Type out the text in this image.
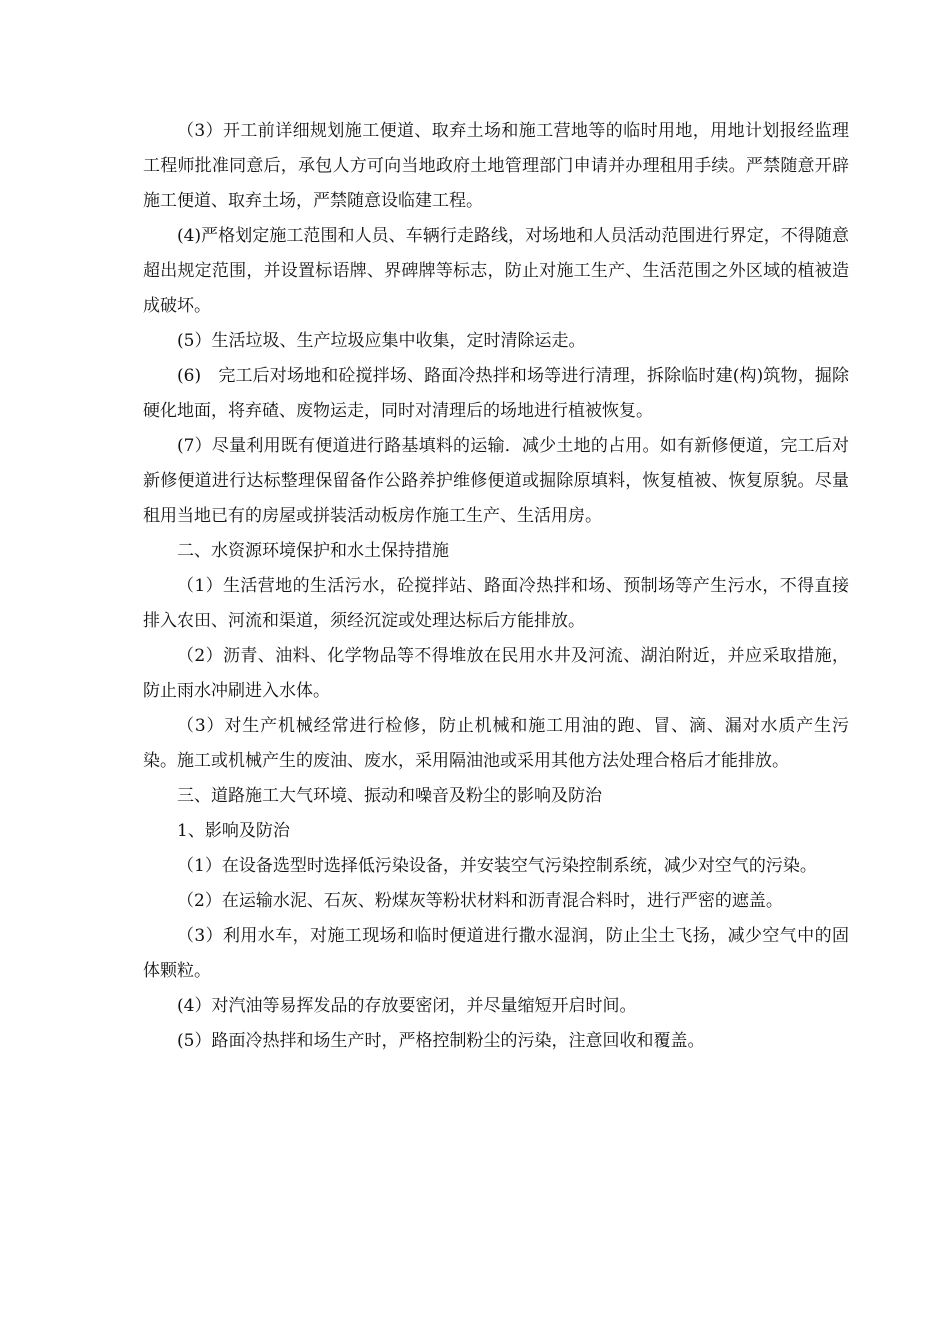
（3）开工前详细规划施工便道、取弃土场和施工营地等的临时用地，用地计划报经监理工程师批准同意后，承包人方可向当地政府土地管理部门申请并办理租用手续。严禁随意开辟施工便道、取弃土场，严禁随意设临建工程。

(4)严格划定施工范围和人员、车辆行走路线，对场地和人员活动范围进行界定，不得随意超出规定范围，并设置标语牌、界碑牌等标志，防止对施工生产、生活范围之外区域的植被造成破坏。

(5）生活垃圾、生产垃圾应集中收集，定时清除运走。

(6)　完工后对场地和砼搅拌场、路面冷热拌和场等进行清理，拆除临时建(构)筑物，掘除硬化地面，将弃碴、废物运走，同时对清理后的场地进行植被恢复。

(7）尽量利用既有便道进行路基填料的运输．减少土地的占用。如有新修便道，完工后对新修便道进行达标整理保留备作公路养护维修便道或掘除原填料，恢复植被、恢复原貌。尽量租用当地已有的房屋或拼装活动板房作施工生产、生活用房。

二、水资源环境保护和水土保持措施

（1）生活营地的生活污水，砼搅拌站、路面冷热拌和场、预制场等产生污水，不得直接排入农田、河流和渠道，须经沉淀或处理达标后方能排放。

（2）沥青、油料、化学物品等不得堆放在民用水井及河流、湖泊附近，并应采取措施，防止雨水冲刷进入水体。

（3）对生产机械经常进行检修，防止机械和施工用油的跑、冒、滴、漏对水质产生污染。施工或机械产生的废油、废水，采用隔油池或采用其他方法处理合格后才能排放。

三、道路施工大气环境、振动和噪音及粉尘的影响及防治

1、影响及防治

（1）在设备选型时选择低污染设备，并安装空气污染控制系统，减少对空气的污染。

（2）在运输水泥、石灰、粉煤灰等粉状材料和沥青混合料时，进行严密的遮盖。

（3）利用水车，对施工现场和临时便道进行撒水湿润，防止尘土飞扬，减少空气中的固体颗粒。

(4）对汽油等易挥发品的存放要密闭，并尽量缩短开启时间。

(5）路面冷热拌和场生产时，严格控制粉尘的污染，注意回收和覆盖。
